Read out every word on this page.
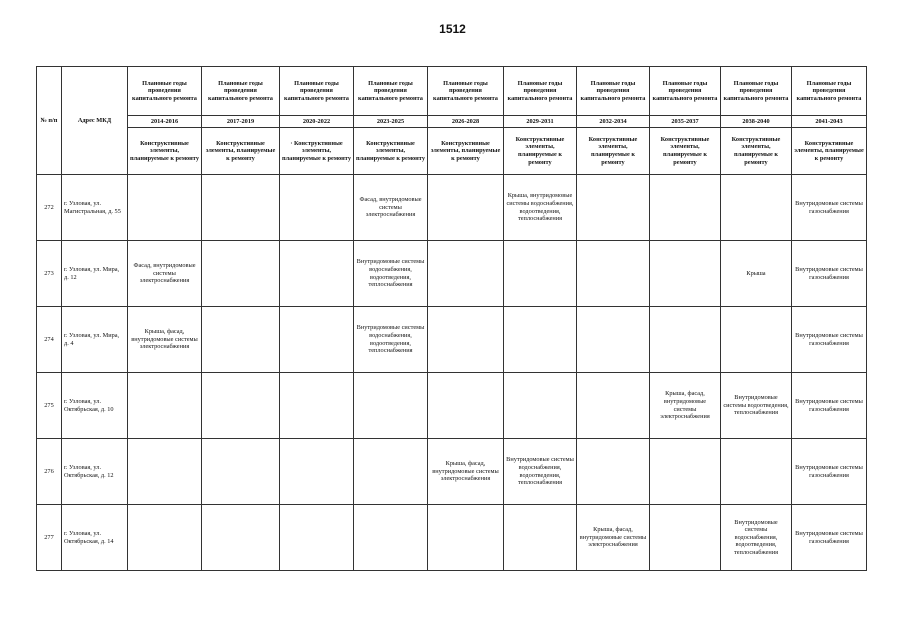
1512
№ п/п	Адрес МКД	Плановые годы проведения капитального ремонта	Плановые годы проведения капитального ремонта	Плановые годы проведения капитального ремонта	Плановые годы проведения капитального ремонта	Плановые годы проведения капитального ремонта	Плановые годы проведения капитального ремонта	Плановые годы проведения капитального ремонта	Плановые годы проведения капитального ремонта	Плановые годы проведения капитального ремонта	Плановые годы проведения капитального ремонта
		2014-2016	2017-2019	2020-2022	2023-2025	2026-2028	2029-2031	2032-2034	2035-2037	2038-2040	2041-2043
		Конструктивные элементы, планируемые к ремонту	Конструктивные элементы, планируемые к ремонту	· Конструктивные элементы, планируемые к ремонту	Конструктивные элементы, планируемые к ремонту	Конструктивные элементы, планируемые к ремонту	Конструктивные элементы, планируемые к ремонту	Конструктивные элементы, планируемые к ремонту	Конструктивные элементы, планируемые к ремонту	Конструктивные элементы, планируемые к ремонту	Конструктивные элементы, планируемые к ремонту
272	г. Узловая, ул. Магистральная, д. 55				Фасад, внутридомовые системы электроснабжения		Крыша, внутридомовые системы водоснабжения, водоотведения, теплоснабжения				Внутридомовые системы газоснабжения
273	г. Узловая, ул. Мира, д. 12	Фасад, внутридомовые системы электроснабжения			Внутридомовые системы водоснабжения, водоотведения, теплоснабжения					Крыша	Внутридомовые системы газоснабжения
274	г. Узловая, ул. Мира, д. 4	Крыша, фасад, внутридомовые системы электроснабжения			Внутридомовые системы водоснабжения, водоотведения, теплоснабжения						Внутридомовые системы газоснабжения
275	г. Узловая, ул. Октябрьская, д. 10								Крыша, фасад, внутридомовые системы электроснабжения	Внутридомовые системы водоотведения, теплоснабжения	Внутридомовые системы газоснабжения
276	г. Узловая, ул. Октябрьская, д. 12					Крыша, фасад, внутридомовые системы электроснабжения	Внутридомовые системы водоснабжения, водоотведения, теплоснабжения				Внутридомовые системы газоснабжения
277	г. Узловая, ул. Октябрьская, д. 14							Крыша, фасад, внутридомовые системы электроснабжения		Внутридомовые системы водоснабжения, водоотведения, теплоснабжения	Внутридомовые системы газоснабжения
